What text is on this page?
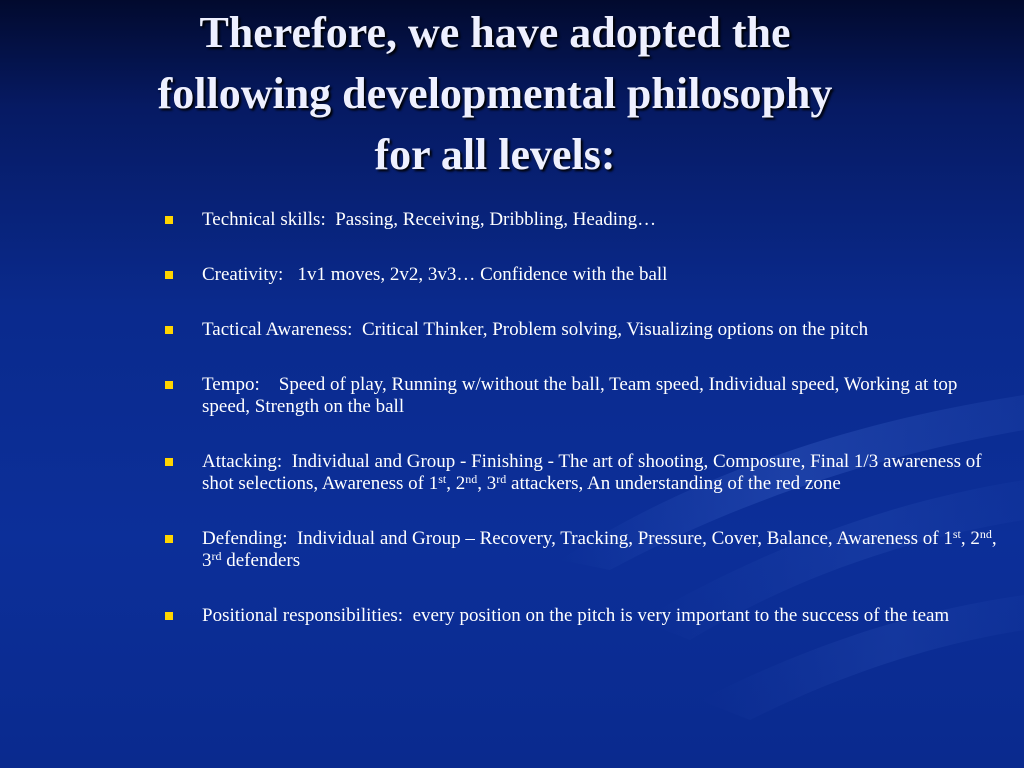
Therefore, we have adopted the
following developmental philosophy
for all levels:
Technical skills: Passing, Receiving, Dribbling, Heading…
Creativity: 1v1 moves, 2v2, 3v3… Confidence with the ball
Tactical Awareness: Critical Thinker, Problem solving, Visualizing options on the pitch
Tempo: Speed of play, Running w/without the ball, Team speed, Individual speed, Working at top speed, Strength on the ball
Attacking: Individual and Group - Finishing - The art of shooting, Composure, Final 1/3 awareness of shot selections, Awareness of 1st, 2nd, 3rd attackers, An understanding of the red zone
Defending: Individual and Group – Recovery, Tracking, Pressure, Cover, Balance, Awareness of 1st, 2nd, 3rd defenders
Positional responsibilities: every position on the pitch is very important to the success of the team
